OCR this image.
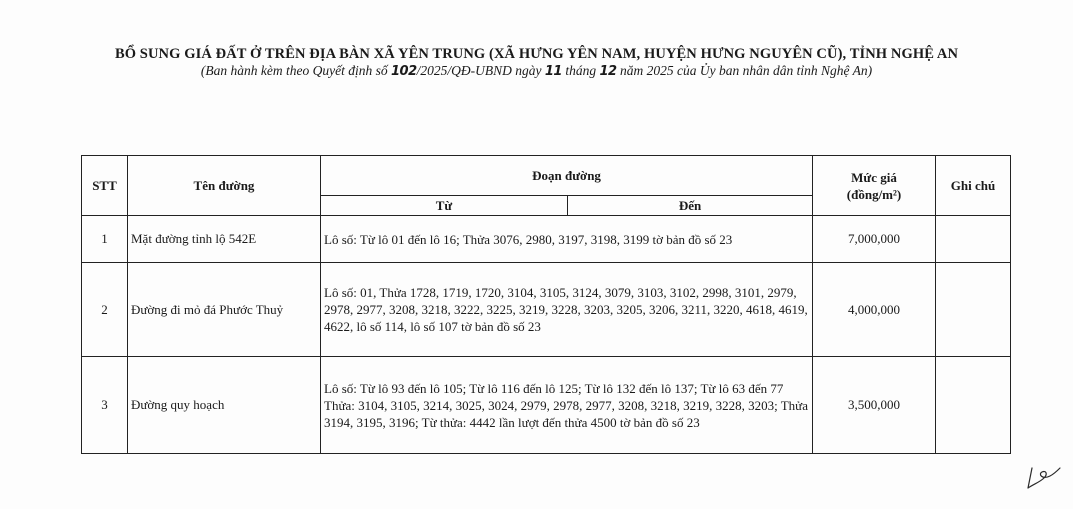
BỔ SUNG GIÁ ĐẤT Ở TRÊN ĐỊA BÀN XÃ YÊN TRUNG (XÃ HƯNG YÊN NAM, HUYỆN HƯNG NGUYÊN CŨ), TỈNH NGHỆ AN
(Ban hành kèm theo Quyết định số 102/2025/QĐ-UBND ngày 11 tháng 12 năm 2025 của Ủy ban nhân dân tỉnh Nghệ An)
STT	Tên đường	Đoạn đường		Mức giá (đồng/m²)	Ghi chú
		Từ	Đến		
1	Mặt đường tỉnh lộ 542E	Lô số: Từ lô 01 đến lô 16; Thửa 3076, 2980, 3197, 3198, 3199 tờ bản đồ số 23		7,000,000	
2	Đường đi mỏ đá Phước Thuỷ	Lô số: 01, Thửa 1728, 1719, 1720, 3104, 3105, 3124, 3079, 3103, 3102, 2998, 3101, 2979, 2978, 2977, 3208, 3218, 3222, 3225, 3219, 3228, 3203, 3205, 3206, 3211, 3220, 4618, 4619, 4622, lô số 114, lô số 107 tờ bản đồ số 23		4,000,000	
3	Đường quy hoạch	Lô số: Từ lô 93 đến lô 105; Từ lô 116 đến lô 125; Từ lô 132 đến lô 137; Từ lô 63 đến 77 Thửa: 3104, 3105, 3214, 3025, 3024, 2979, 2978, 2977, 3208, 3218, 3219, 3228, 3203; Thửa 3194, 3195, 3196; Từ thửa: 4442 lần lượt đến thửa 4500 tờ bản đồ số 23		3,500,000	
